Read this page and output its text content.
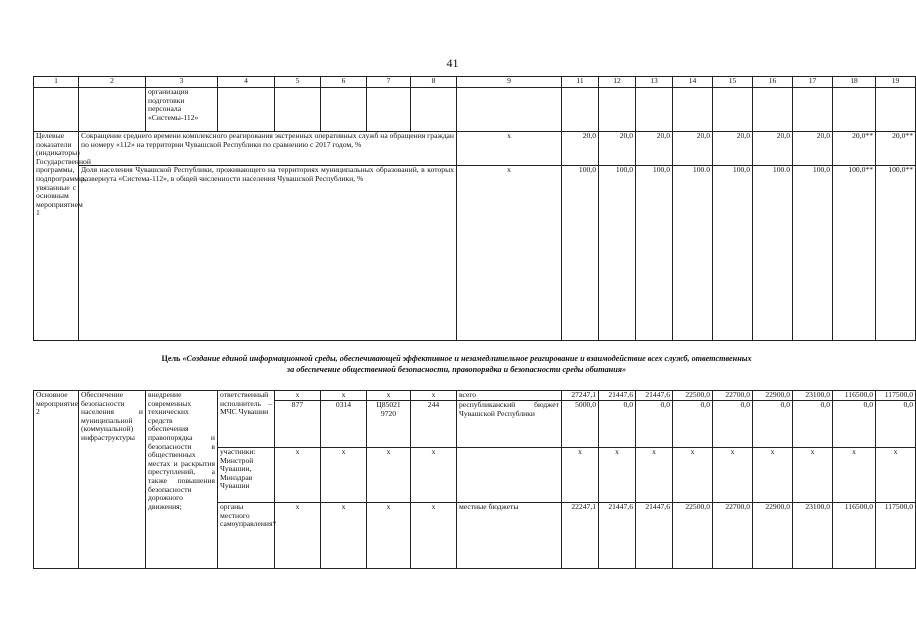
41
1	2	3	4	5	6	7	8	9	11	12	13	14	15	16	17	18	19
		организация подготовки персонала «Системы-112»															
Целевые показатели (индикаторы) Государственной программы, подпрограммы, увязанные с основным мероприятием 1	Сокращение среднего времени комплексного реагирования экстренных оперативных служб на обращения граждан по номеру «112» на территории Чувашской Республики по сравнению с 2017 годом, %							х	20,0	20,0	20,0	20,0	20,0	20,0	20,0	20,0**	20,0**
	Доля населения Чувашской Республики, проживающего на территориях муниципальных образований, в которых развернута «Система-112», в общей численности населения Чувашской Республики, %							х	100,0	100,0	100,0	100.0	100,0	100.0	100,0	100,0**	100,0**
Цель «Создание единой информационной среды, обеспечивающей эффективное и незамедлительное реагирование и взаимодействие всех служб, ответственных
за обеспечение общественной безопасности, правопорядка и безопасности среды обитания»
Основное мероприятие 2	Обеспечение безопасности населения и муниципальной (коммунальной) инфраструктуры	внедрение современных технических средств обеспечения правопорядка и безопасности в общественных местах и раскрытия преступлений, а также повышения безопасности дорожного движения;	ответственный исполнитель – МЧС Чувашии	х	х	х	х	всего	27247,1	21447,6	21447,6	22500,0	22700,0	22900,0	23100,0	116500,0	117500,0
				877	0314	Ц85021 9720	244	республиканский бюджет Чувашской Республики	5000,0	0,0	0,0	0,0	0,0	0,0	0,0	0,0	0,0
			участники: Минстрой Чувашии, Минздрав Чувашии	х	х	х	х		х	х	х	х	х	х	х	х	х
			органы местного самоуправления*	х	х	х	х	местные бюджеты	22247,1	21447,6	21447,6	22500,0	22700,0	22900,0	23100,0	116500,0	117500,0
